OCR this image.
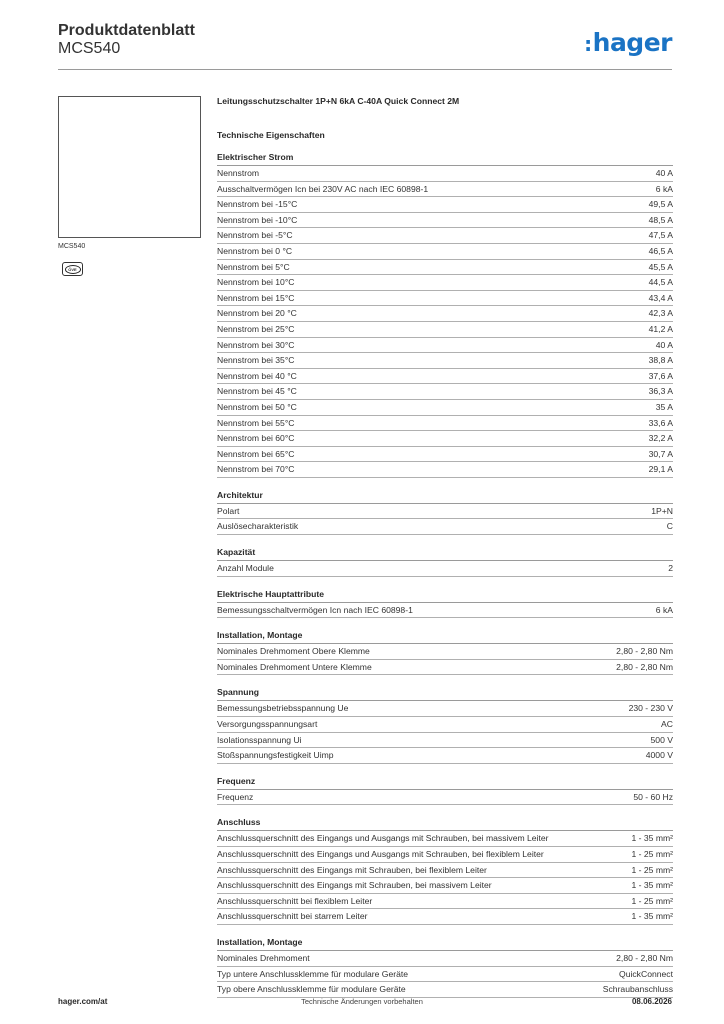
Produktdatenblatt
MCS540	:hager
MCS540
ÖVE
Leitungsschutzschalter 1P+N 6kA C-40A Quick Connect 2M
Technische Eigenschaften
Elektrischer Strom
Nennstrom	40 A
Ausschaltvermögen Icn bei 230V AC nach IEC 60898-1	6 kA
Nennstrom bei -15°C	49,5 A
Nennstrom bei -10°C	48,5 A
Nennstrom bei -5°C	47,5 A
Nennstrom bei 0 °C	46,5 A
Nennstrom bei 5°C	45,5 A
Nennstrom bei 10°C	44,5 A
Nennstrom bei 15°C	43,4 A
Nennstrom bei 20 °C	42,3 A
Nennstrom bei 25°C	41,2 A
Nennstrom bei 30°C	40 A
Nennstrom bei 35°C	38,8 A
Nennstrom bei 40 °C	37,6 A
Nennstrom bei 45 °C	36,3 A
Nennstrom bei 50 °C	35 A
Nennstrom bei 55°C	33,6 A
Nennstrom bei 60°C	32,2 A
Nennstrom bei 65°C	30,7 A
Nennstrom bei 70°C	29,1 A
Architektur
Polart	1P+N
Auslösecharakteristik	C
Kapazität
Anzahl Module	2
Elektrische Hauptattribute
Bemessungsschaltvermögen Icn nach IEC 60898-1	6 kA
Installation, Montage
Nominales Drehmoment Obere Klemme	2,80 - 2,80 Nm
Nominales Drehmoment Untere Klemme	2,80 - 2,80 Nm
Spannung
Bemessungsbetriebsspannung Ue	230 - 230 V
Versorgungsspannungsart	AC
Isolationsspannung Ui	500 V
Stoßspannungsfestigkeit Uimp	4000 V
Frequenz
Frequenz	50 - 60 Hz
Anschluss
Anschlussquerschnitt des Eingangs und Ausgangs mit Schrauben, bei massivem Leiter	1 - 35 mm²
Anschlussquerschnitt des Eingangs und Ausgangs mit Schrauben, bei flexiblem Leiter	1 - 25 mm²
Anschlussquerschnitt des Eingangs mit Schrauben, bei flexiblem Leiter	1 - 25 mm²
Anschlussquerschnitt des Eingangs mit Schrauben, bei massivem Leiter	1 - 35 mm²
Anschlussquerschnitt bei flexiblem Leiter	1 - 25 mm²
Anschlussquerschnitt bei starrem Leiter	1 - 35 mm²
Installation, Montage
Nominales Drehmoment	2,80 - 2,80 Nm
Typ untere Anschlussklemme für modulare Geräte	QuickConnect
Typ obere Anschlussklemme für modulare Geräte	Schraubanschluss
hager.com/at	Technische Änderungen vorbehalten	08.06.2026
